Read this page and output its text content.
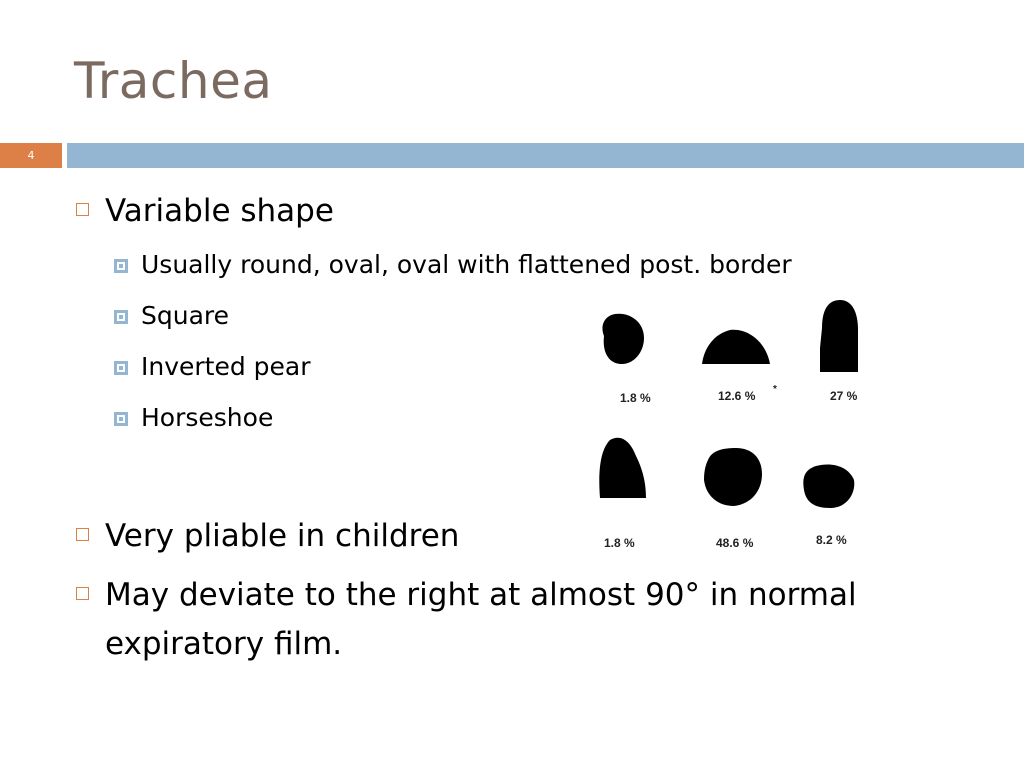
Trachea
4
Variable shape
Usually round, oval, oval with flattened post. border
Square
Inverted pear
Horseshoe
Very pliable in children
May deviate to the right at almost 90° in normal
expiratory film.
1.8 %	12.6 % *	27 %
1.8 %	48.6 %	8.2 %
